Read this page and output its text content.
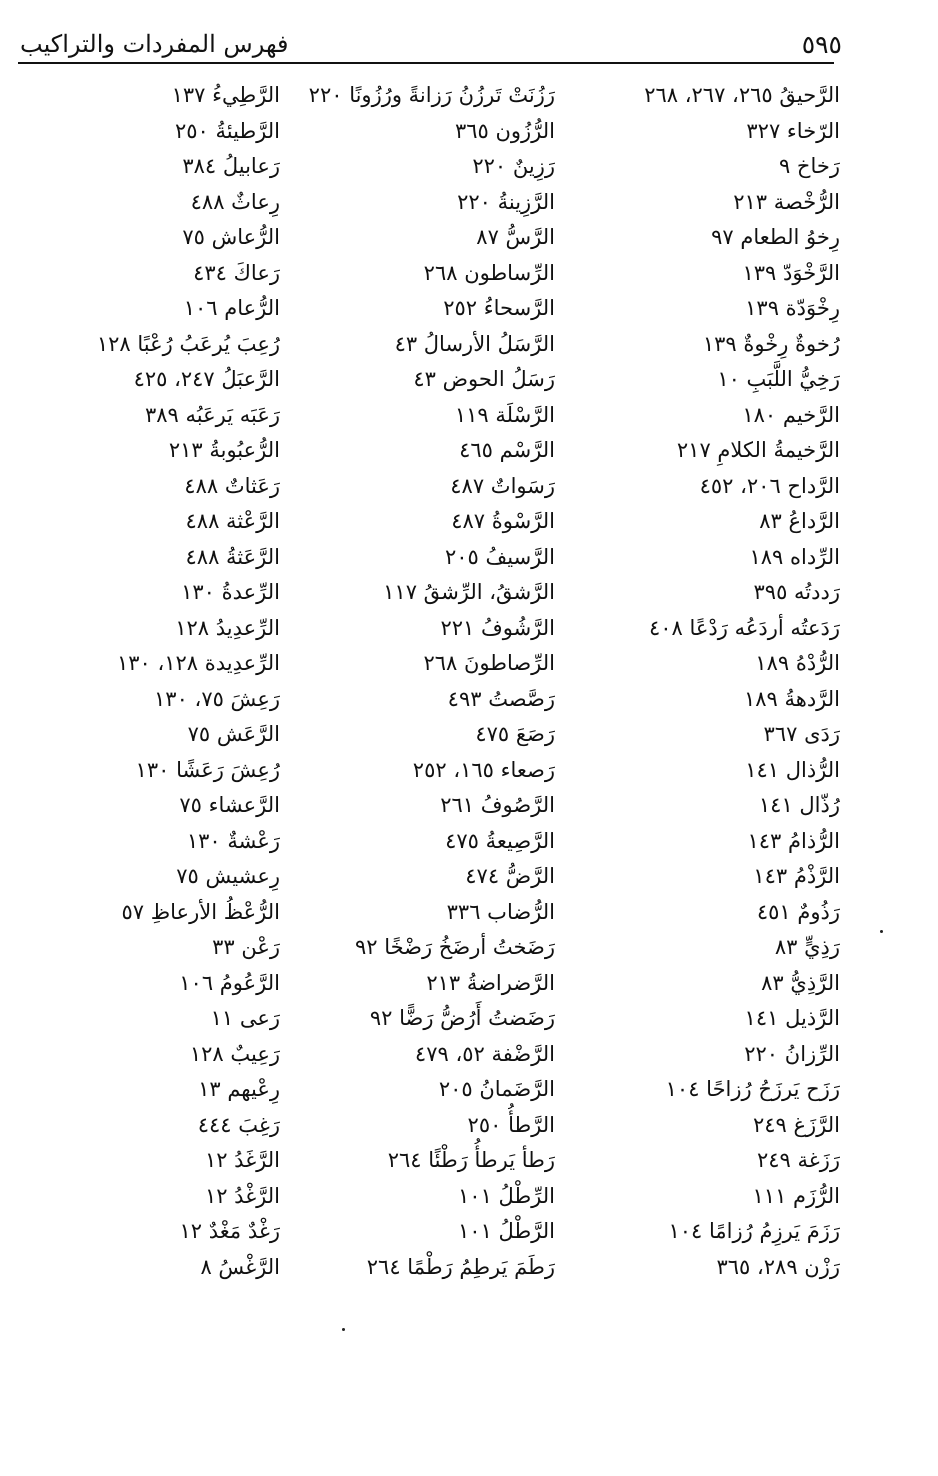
٥٩٥
فهرس المفردات والتراكيب
الرَّحيقُ ٢٦٥، ٢٦٧، ٢٦٨
الرّخاء ٣٢٧
رَخاخ ٩
الرُّخْصة ٢١٣
رِخوُ الطعام ٩٧
الرَّخْوَدّ ١٣٩
رِخْوَدّة ١٣٩
رُخوةٌ رِخْوةٌ ١٣٩
رَخِيُّ اللَّبَبِ ١٠
الرَّخيم ١٨٠
الرَّخيمةُ الكلامِ ٢١٧
الرَّداح ٢٠٦، ٤٥٢
الرَّداعُ ٨٣
الرِّداه ١٨٩
رَددتُه ٣٩٥
رَدَعتُه أردَعُه رَدْعًا ٤٠٨
الرُّدْهُ ١٨٩
الرَّدهةُ ١٨٩
رَدَى ٣٦٧
الرُّذال ١٤١
رُذّال ١٤١
الرُّذامُ ١٤٣
الرَّذْمُ ١٤٣
رَذُومٌ ٤٥١
رَذِيٍّ ٨٣
الرَّذِيُّ ٨٣
الرَّذيل ١٤١
الرِّزانُ ٢٢٠
رَزَح يَرزَحُ رُزاحًا ١٠٤
الرَّزَغ ٢٤٩
رَزَغة ٢٤٩
الرُّزَم ١١١
رَزَمَ يَرزِمُ رُزامًا ١٠٤
رَزْن ٢٨٩، ٣٦٥
رَزُنَتْ تَرزُنُ رَزانةً ورُزُونًا ٢٢٠
الرُّزُون ٣٦٥
رَزِينٌ ٢٢٠
الرَّزِينةُ ٢٢٠
الرَّسُّ ٨٧
الرِّساطون ٢٦٨
الرَّسحاءُ ٢٥٢
الرَّسَلُ الأرسالُ ٤٣
رَسَلُ الحوض ٤٣
الرَّسْلَة ١١٩
الرَّسْم ٤٦٥
رَسَواتٌ ٤٨٧
الرَّسْوةُ ٤٨٧
الرَّسيفُ ٢٠٥
الرَّشقُ، الرِّشقُ ١١٧
الرَّشُوفُ ٢٢١
الرِّصاطونَ ٢٦٨
رَصَّصتُ ٤٩٣
رَصَعَ ٤٧٥
رَصعاء ١٦٥، ٢٥٢
الرَّصُوفُ ٢٦١
الرَّصِيعةُ ٤٧٥
الرَّضُّ ٤٧٤
الرُّضاب ٣٣٦
رَضَختُ أرضَخُ رَضْخًا ٩٢
الرَّضراضةُ ٢١٣
رَضَضتُ أَرُضُّ رَضًّا ٩٢
الرَّضْفة ٥٢، ٤٧٩
الرَّضَمانُ ٢٠٥
الرَّطأُ ٢٥٠
رَطأ يَرطأُ رَطْئًا ٢٦٤
الرِّطْلُ ١٠١
الرَّطْلُ ١٠١
رَطَمَ يَرطِمُ رَطْمًا ٢٦٤
الرَّطِيءُ ١٣٧
الرَّطيئةُ ٢٥٠
رَعابيلُ ٣٨٤
رِعاثٌ ٤٨٨
الرُّعاش ٧٥
رَعاكَ ٤٣٤
الرُّعام ١٠٦
رُعِبَ يُرعَبُ رُعْبًا ١٢٨
الرَّعبَلُ ٢٤٧، ٤٢٥
رَعَبَه يَرعَبُه ٣٨٩
الرُّعبُوبةُ ٢١٣
رَعَثاتٌ ٤٨٨
الرَّعْثة ٤٨٨
الرَّعَثةُ ٤٨٨
الرِّعدةُ ١٣٠
الرِّعدِيدُ ١٢٨
الرِّعدِيدة ١٢٨، ١٣٠
رَعِشَ ٧٥، ١٣٠
الرَّعَش ٧٥
رُعِشَ رَعَشًا ١٣٠
الرَّعشاء ٧٥
رَعْشةٌ ١٣٠
رِعشيش ٧٥
الرُّعْظُ الأرعاظِ ٥٧
رَعْن ٣٣
الرَّعُومُ ١٠٦
رَعى ١١
رَعِيبٌ ١٢٨
رِعْيهم ١٣
رَغِبَ ٤٤٤
الرَّغَدُ ١٢
الرَّغْدُ ١٢
رَغْدٌ مَغْدٌ ١٢
الرَّغْسُ ٨
